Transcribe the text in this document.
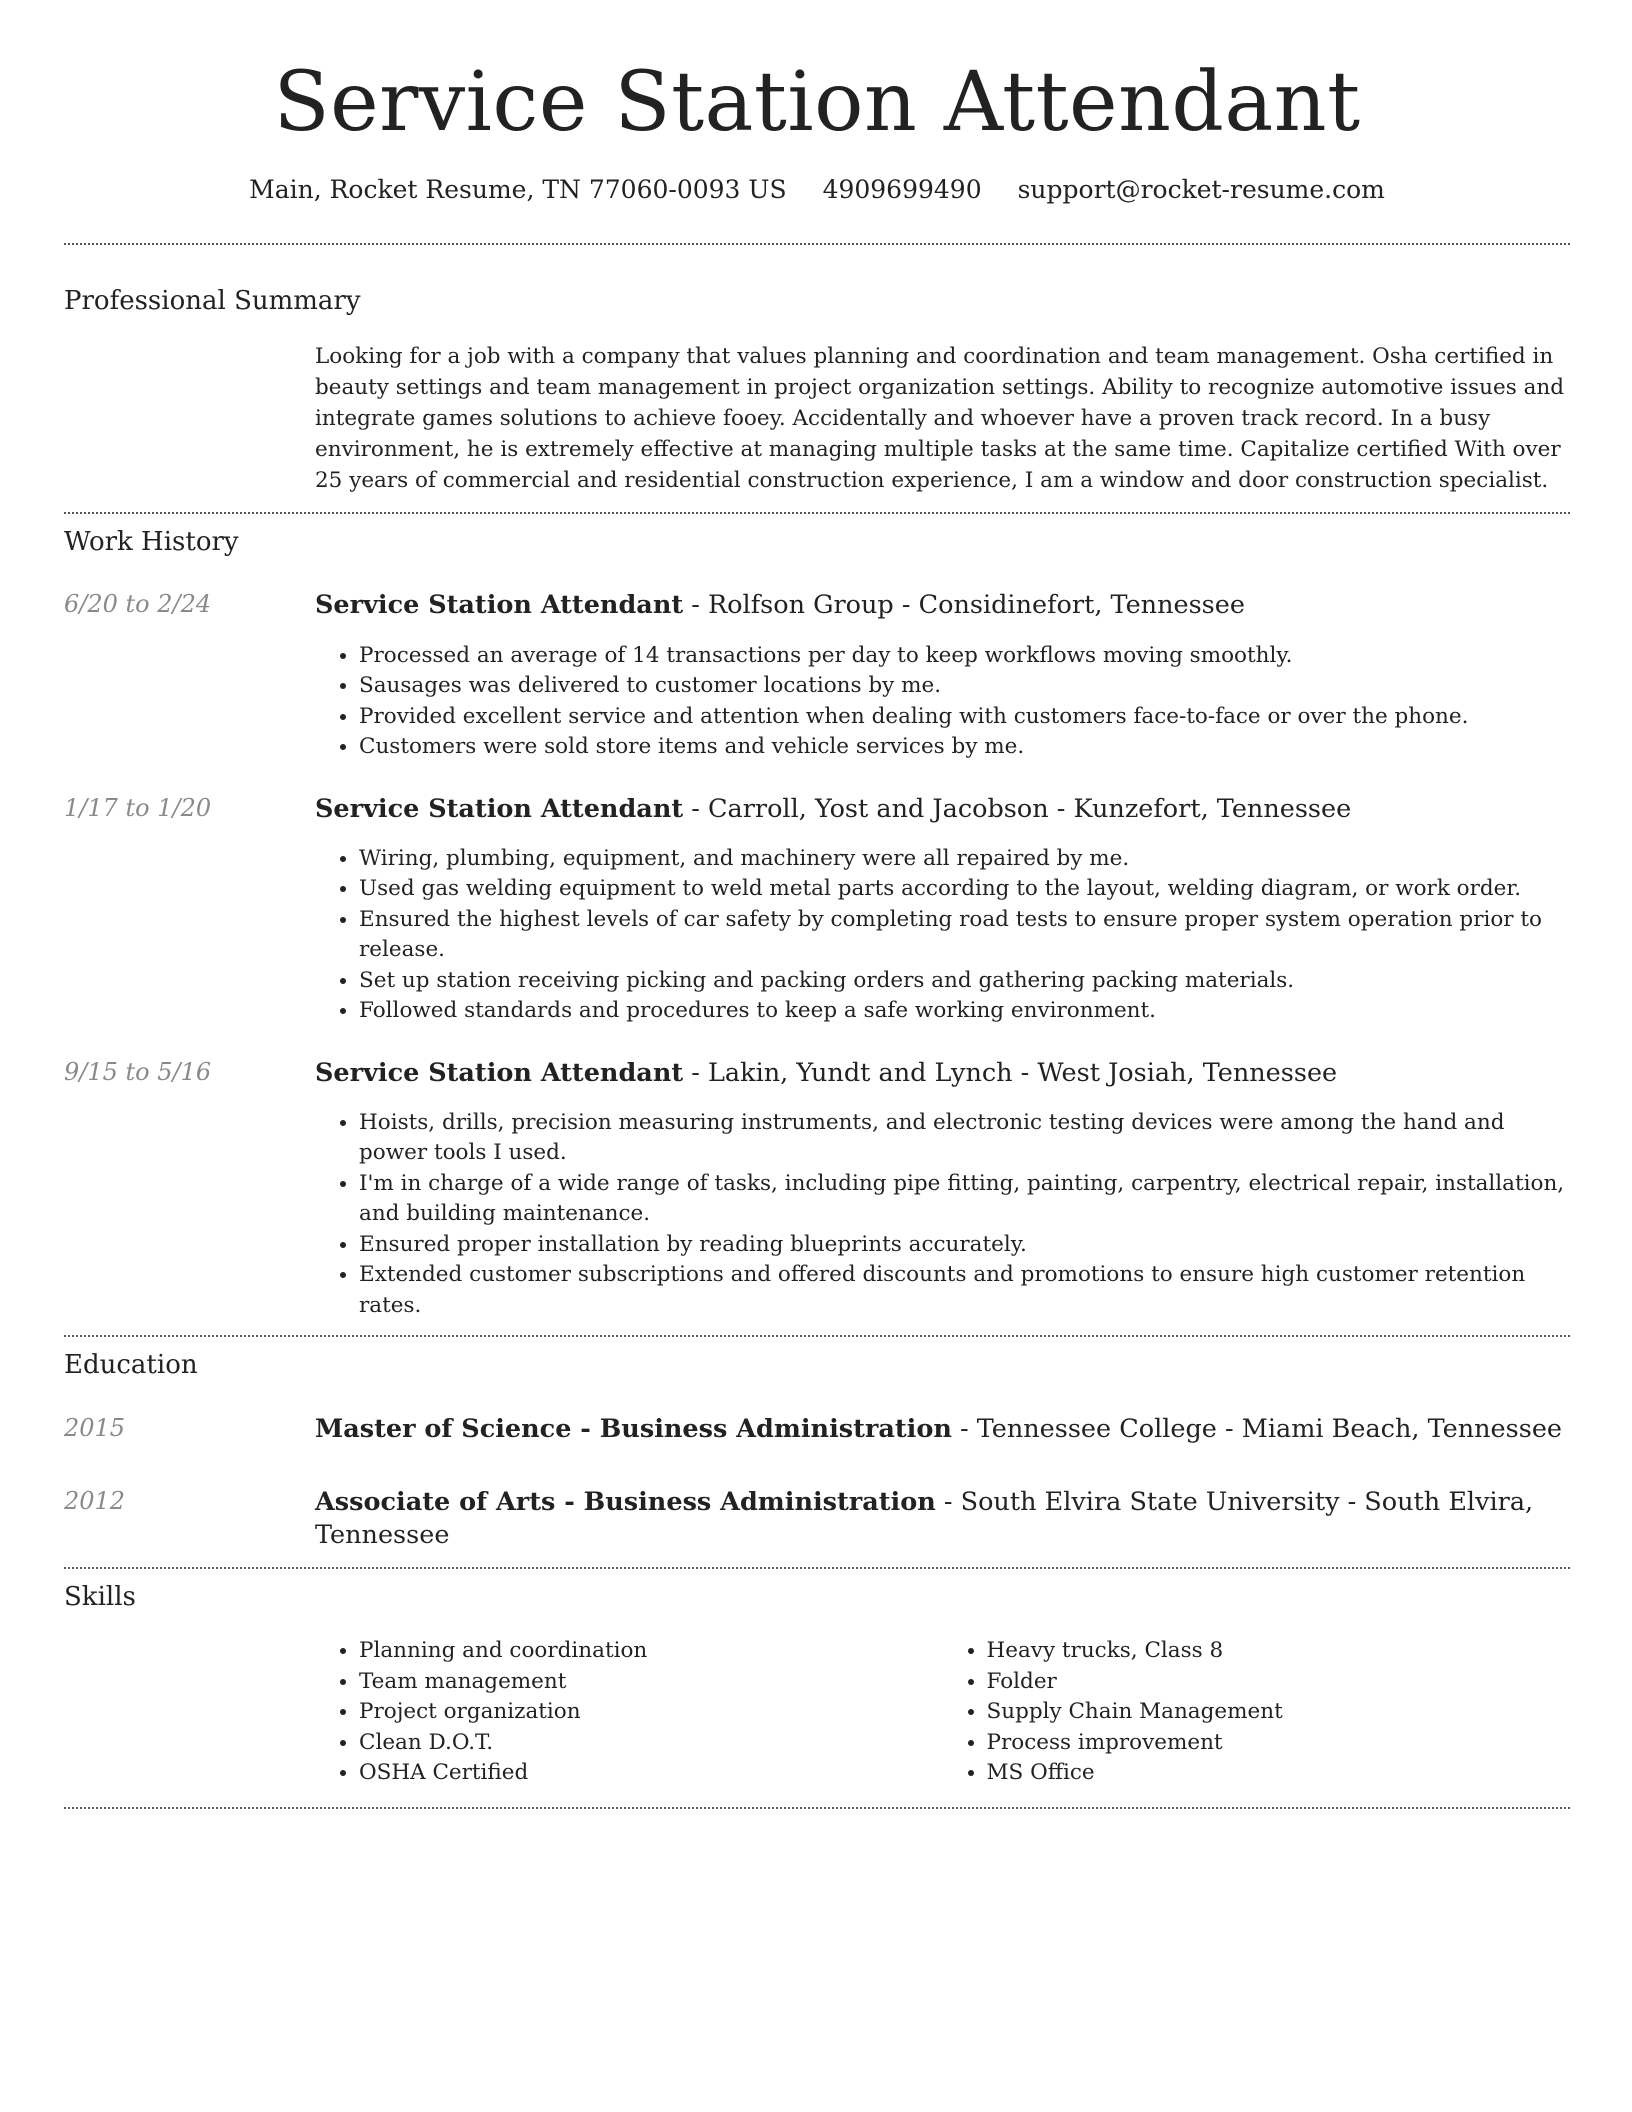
Service Station Attendant
Main, Rocket Resume, TN 77060-0093 US 4909699490 support@rocket-resume.com
Professional Summary

Looking for a job with a company that values planning and coordination and team management. Osha certified in beauty settings and team management in project organization settings. Ability to recognize automotive issues and integrate games solutions to achieve fooey. Accidentally and whoever have a proven track record. In a busy environment, he is extremely effective at managing multiple tasks at the same time. Capitalize certified With over 25 years of commercial and residential construction experience, I am a window and door construction specialist.

Work History
6/20 to 2/24	Service Station Attendant - Rolfson Group - Considinefort, Tennessee
• Processed an average of 14 transactions per day to keep workflows moving smoothly.
• Sausages was delivered to customer locations by me.
• Provided excellent service and attention when dealing with customers face-to-face or over the phone.
• Customers were sold store items and vehicle services by me.
1/17 to 1/20	Service Station Attendant - Carroll, Yost and Jacobson - Kunzefort, Tennessee
• Wiring, plumbing, equipment, and machinery were all repaired by me.
• Used gas welding equipment to weld metal parts according to the layout, welding diagram, or work order.
• Ensured the highest levels of car safety by completing road tests to ensure proper system operation prior to release.
• Set up station receiving picking and packing orders and gathering packing materials.
• Followed standards and procedures to keep a safe working environment.
9/15 to 5/16	Service Station Attendant - Lakin, Yundt and Lynch - West Josiah, Tennessee
• Hoists, drills, precision measuring instruments, and electronic testing devices were among the hand and power tools I used.
• I'm in charge of a wide range of tasks, including pipe fitting, painting, carpentry, electrical repair, installation, and building maintenance.
• Ensured proper installation by reading blueprints accurately.
• Extended customer subscriptions and offered discounts and promotions to ensure high customer retention rates.
Education
2015	Master of Science - Business Administration - Tennessee College - Miami Beach, Tennessee
2012	Associate of Arts - Business Administration - South Elvira State University - South Elvira, Tennessee
Skills
• Planning and coordination
• Team management
• Project organization
• Clean D.O.T.
• OSHA Certified
• Heavy trucks, Class 8
• Folder
• Supply Chain Management
• Process improvement
• MS Office
